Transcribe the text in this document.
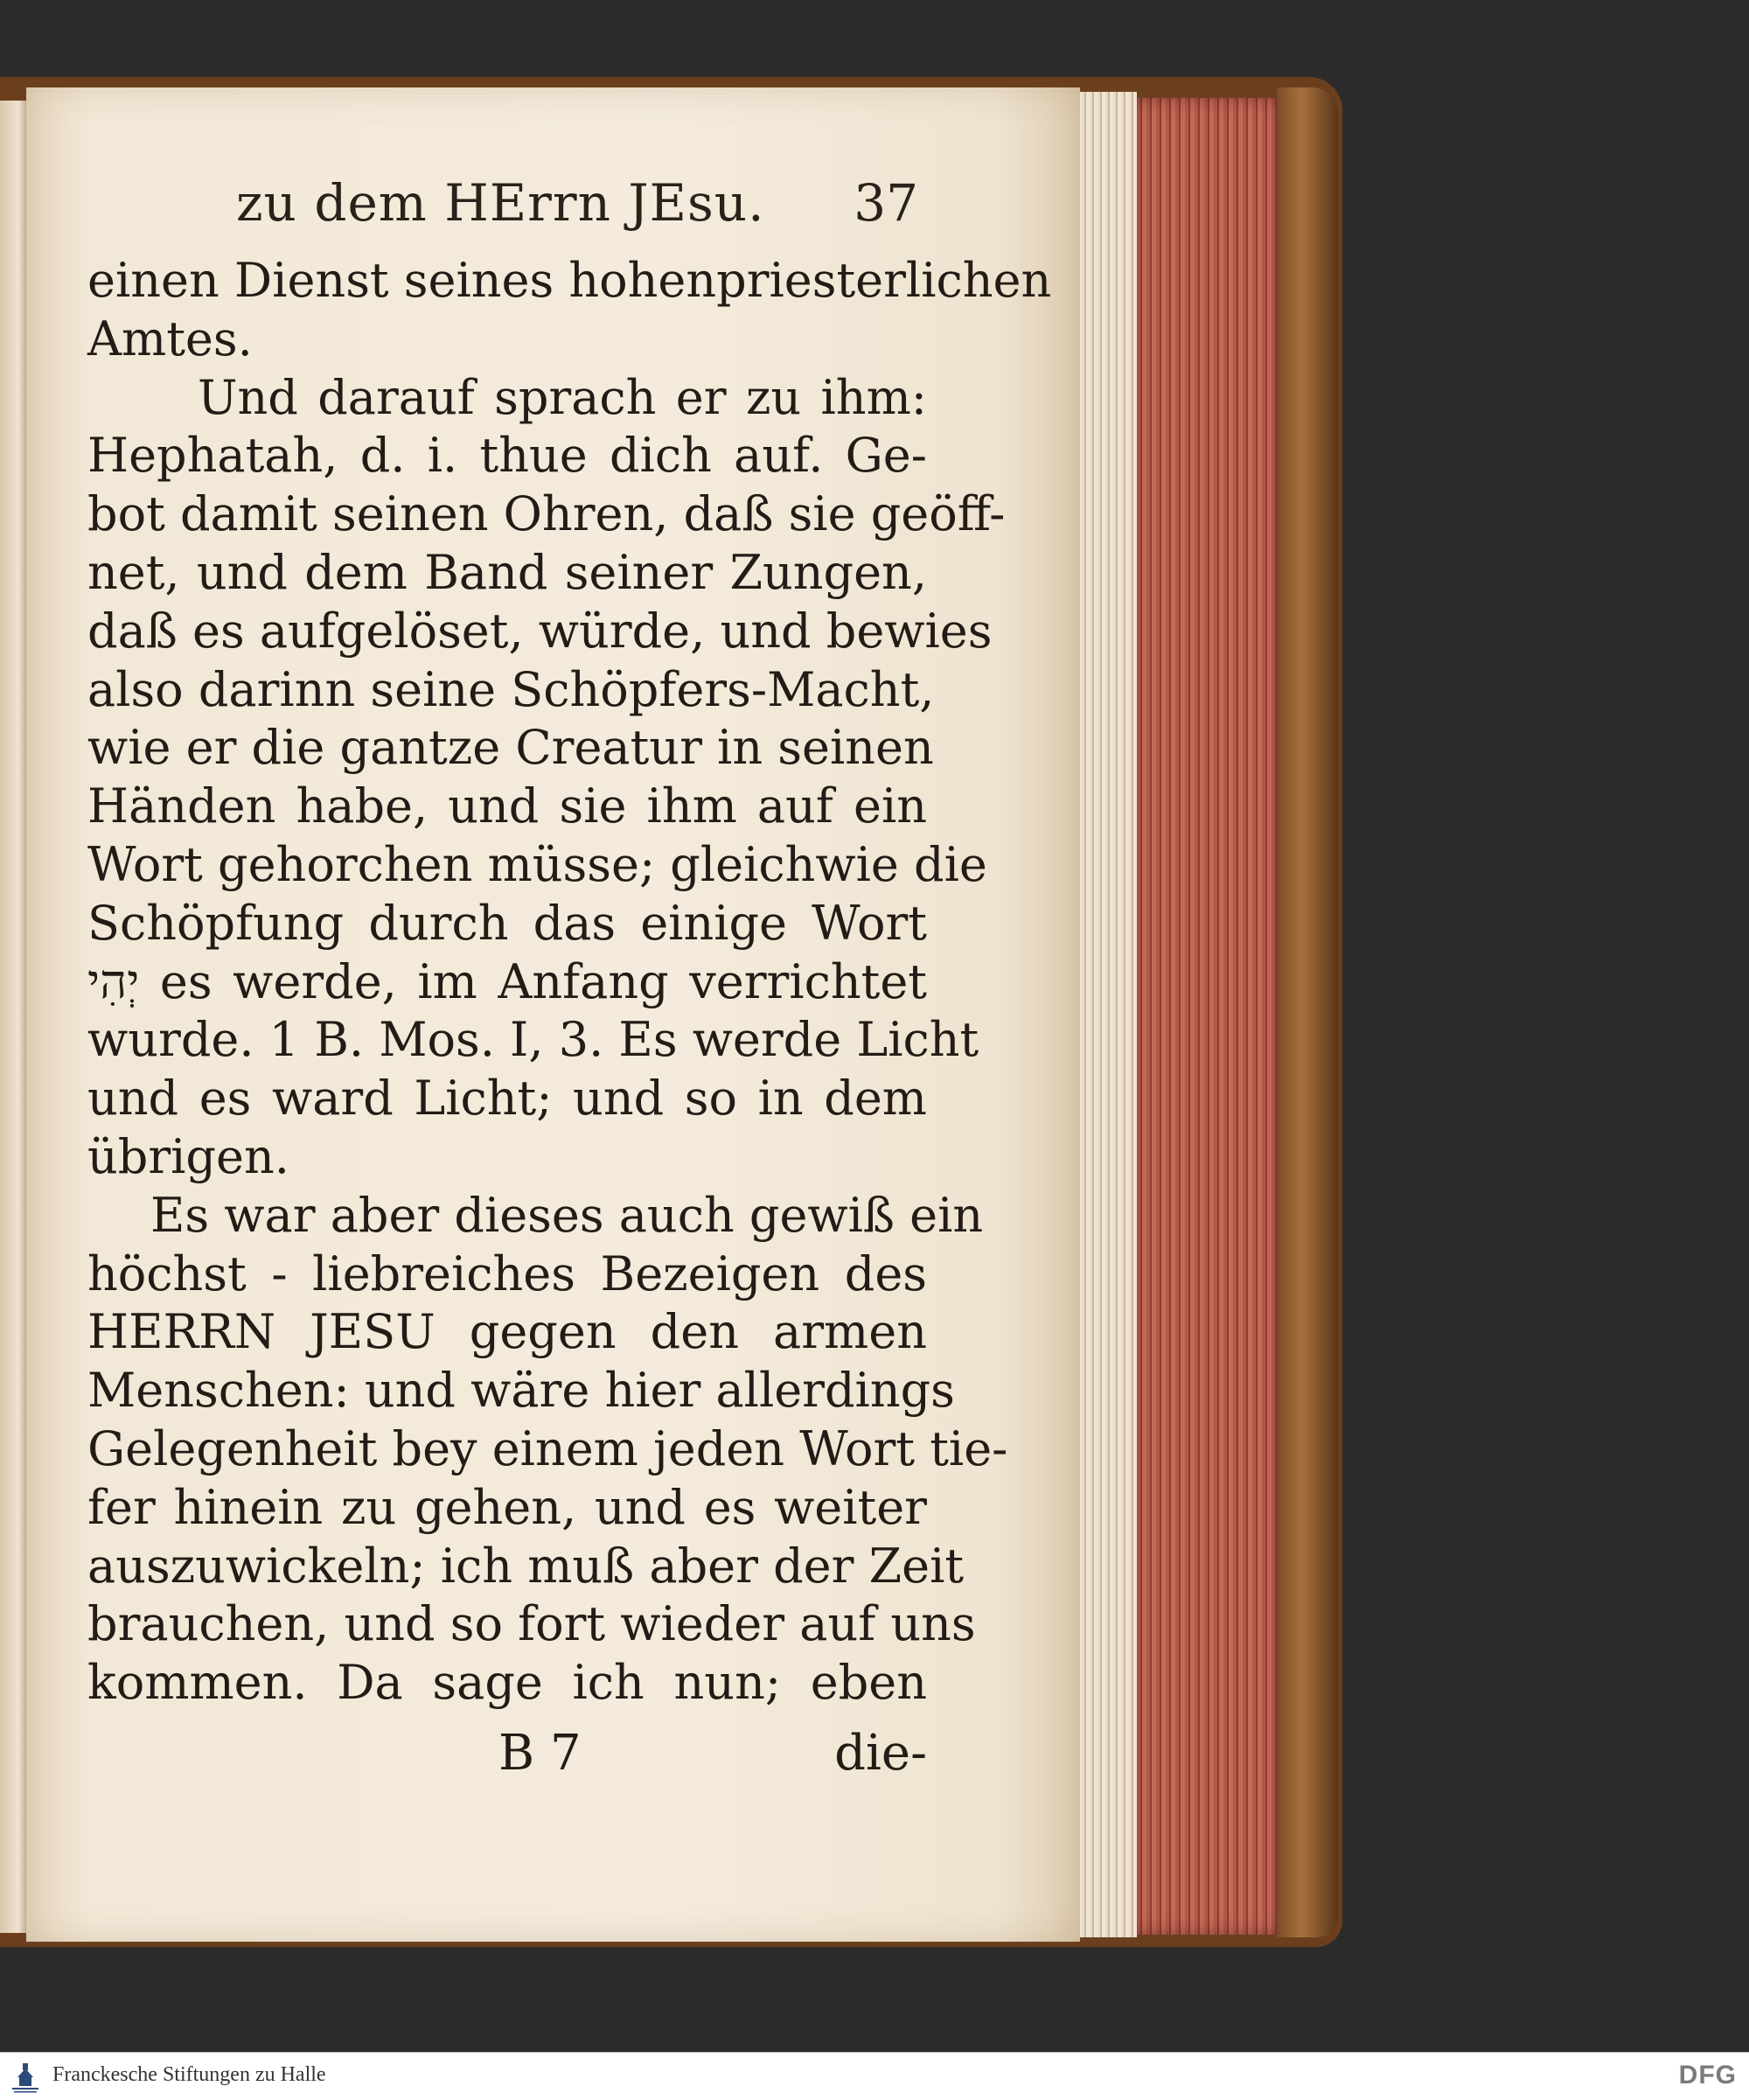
zu dem HErrn JEsu. 37
einen Dienst seines hohenpriesterlichen
Amtes.
Und darauf sprach er zu ihm:
Hephatah, d. i. thue dich auf. Ge-
bot damit seinen Ohren, daß sie geöff-
net, und dem Band seiner Zungen,
daß es aufgelöset, würde, und bewies
also darinn seine Schöpfers-Macht,
wie er die gantze Creatur in seinen
Händen habe, und sie ihm auf ein
Wort gehorchen müsse; gleichwie die
Schöpfung durch das einige Wort
יְהִי es werde, im Anfang verrichtet
wurde. 1 B. Mos. I, 3. Es werde Licht
und es ward Licht; und so in dem
übrigen.
Es war aber dieses auch gewiß ein
höchst - liebreiches Bezeigen des
HERRN JESU gegen den armen
Menschen: und wäre hier allerdings
Gelegenheit bey einem jeden Wort tie-
fer hinein zu gehen, und es weiter
auszuwickeln; ich muß aber der Zeit
brauchen, und so fort wieder auf uns
kommen. Da sage ich nun; eben
B 7	die-
Franckesche Stiftungen zu Halle	DFG
